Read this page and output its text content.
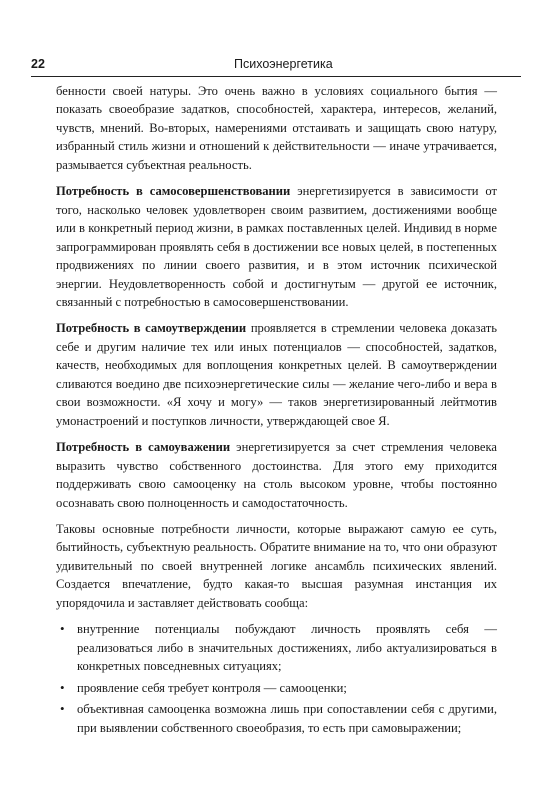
22	Психоэнергетика

бенности своей натуры. Это очень важно в условиях социального бытия — показать своеобразие задатков, способностей, характера, интересов, желаний, чувств, мнений. Во-вторых, намерениями отстаивать и защищать свою натуру, избранный стиль жизни и отношений к действительности — иначе утрачивается, размывается субъектная реальность.

Потребность в самосовершенствовании энергетизируется в зависимости от того, насколько человек удовлетворен своим развитием, достижениями вообще или в конкретный период жизни, в рамках поставленных целей. Индивид в норме запрограммирован проявлять себя в достижении все новых целей, в постепенных продвижениях по линии своего развития, и в этом источник психической энергии. Неудовлетворенность собой и достигнутым — другой ее источник, связанный с потребностью в самосовершенствовании.

Потребность в самоутверждении проявляется в стремлении человека доказать себе и другим наличие тех или иных потенциалов — способностей, задатков, качеств, необходимых для воплощения конкретных целей. В самоутверждении сливаются воедино две психоэнергетические силы — желание чего-либо и вера в свои возможности. «Я хочу и могу» — таков энергетизированный лейтмотив умонастроений и поступков личности, утверждающей свое Я.

Потребность в самоуважении энергетизируется за счет стремления человека выразить чувство собственного достоинства. Для этого ему приходится поддерживать свою самооценку на столь высоком уровне, чтобы постоянно осознавать свою полноценность и самодостаточность.

Таковы основные потребности личности, которые выражают самую ее суть, бытийность, субъектную реальность. Обратите внимание на то, что они образуют удивительный по своей внутренней логике ансамбль психических явлений. Создается впечатление, будто какая-то высшая разумная инстанция их упорядочила и заставляет действовать сообща:

• внутренние потенциалы побуждают личность проявлять себя — реализоваться либо в значительных достижениях, либо актуализироваться в конкретных повседневных ситуациях;
• проявление себя требует контроля — самооценки;
• объективная самооценка возможна лишь при сопоставлении себя с другими, при выявлении собственного своеобразия, то есть при самовыражении;
